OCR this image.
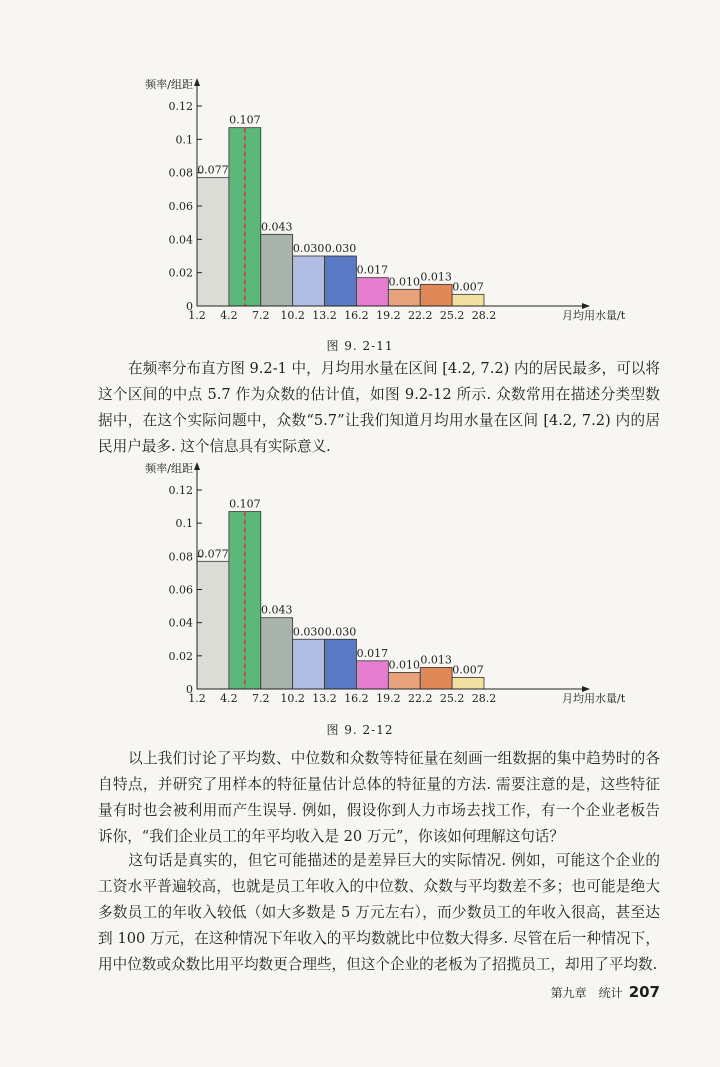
0.077
0.107
0.043
0.030 0.030
0.017
0.010 0.013
0.007
0
0.02
0.04
0.06
0.08
0.1
0.12
1.2 4.2 7.2 10.2 13.2 16.2 19.2 22.2 25.2 28.2
频率/组距
月均用水量/t
图 9. 2-11

在频率分布直方图 9.2-1 中，月均用水量在区间 [4.2, 7.2) 内的居民最多，可以将这个区间的中点 5.7 作为众数的估计值，如图 9.2-12 所示. 众数常用在描述分类型数据中，在这个实际问题中，众数“5.7”让我们知道月均用水量在区间 [4.2, 7.2) 内的居民用户最多. 这个信息具有实际意义.

0.077
0.107
0.043
0.030 0.030
0.017
0.010 0.013
0.007
0
0.02
0.04
0.06
0.08
0.1
0.12
1.2 4.2 7.2 10.2 13.2 16.2 19.2 22.2 25.2 28.2
频率/组距
月均用水量/t
图 9. 2-12

以上我们讨论了平均数、中位数和众数等特征量在刻画一组数据的集中趋势时的各自特点，并研究了用样本的特征量估计总体的特征量的方法. 需要注意的是，这些特征量有时也会被利用而产生误导. 例如，假设你到人力市场去找工作，有一个企业老板告诉你，“我们企业员工的年平均收入是 20 万元”，你该如何理解这句话？

这句话是真实的，但它可能描述的是差异巨大的实际情况. 例如，可能这个企业的工资水平普遍较高，也就是员工年收入的中位数、众数与平均数差不多；也可能是绝大多数员工的年收入较低（如大多数是 5 万元左右），而少数员工的年收入很高，甚至达到 100 万元，在这种情况下年收入的平均数就比中位数大得多. 尽管在后一种情况下，用中位数或众数比用平均数更合理些，但这个企业的老板为了招揽员工，却用了平均数.

第九章　统计 207
